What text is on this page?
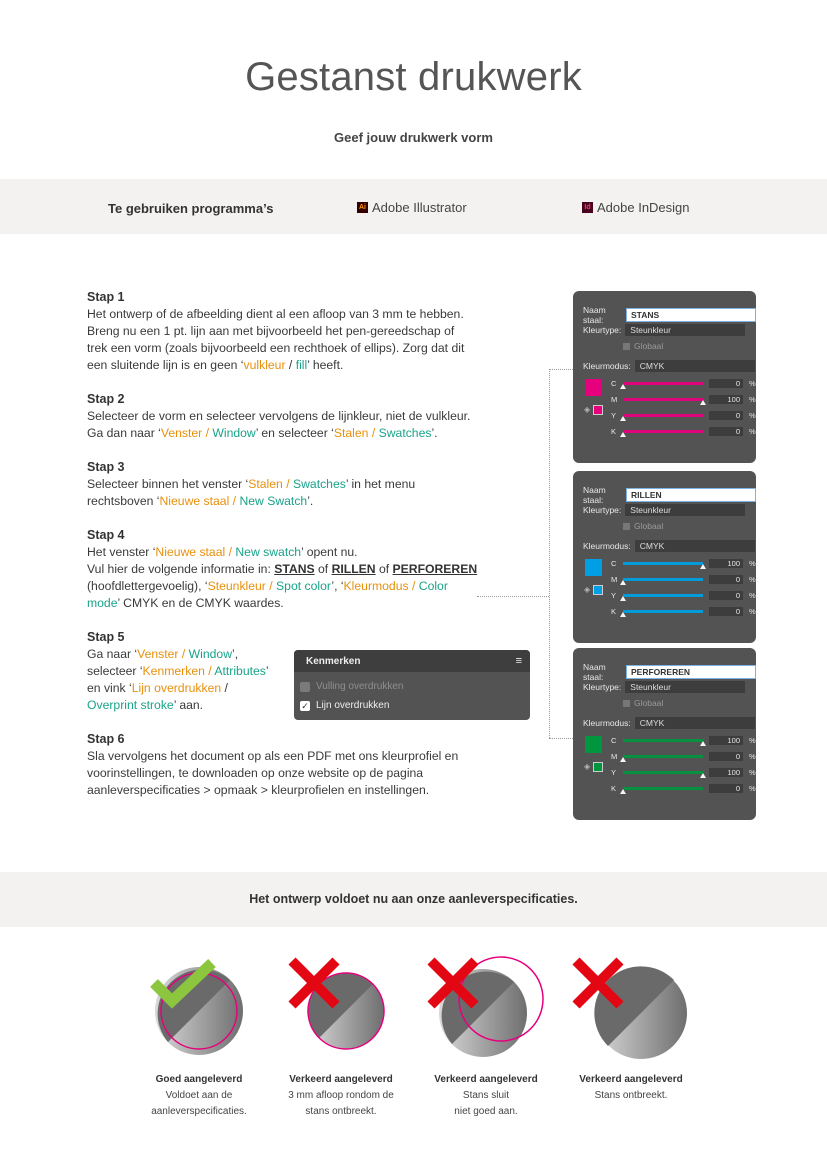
Gestanst drukwerk
Geef jouw drukwerk vorm
Te gebruiken programma’s	Ai Adobe Illustrator	Id Adobe InDesign
Stap 1

Het ontwerp of de afbeelding dient al een afloop van 3 mm te hebben.
Breng nu een 1 pt. lijn aan met bijvoorbeeld het pen-gereedschap of
trek een vorm (zoals bijvoorbeeld een rechthoek of ellips). Zorg dat dit
een sluitende lijn is en geen ‘vulkleur / fill’ heeft.

Stap 2

Selecteer de vorm en selecteer vervolgens de lijnkleur, niet de vulkleur.
Ga dan naar ‘Venster / Window’ en selecteer ‘Stalen / Swatches’.

Stap 3

Selecteer binnen het venster ‘Stalen / Swatches’ in het menu
rechtsboven ‘Nieuwe staal / New Swatch’.

Stap 4

Het venster ‘Nieuwe staal / New swatch’ opent nu.
Vul hier de volgende informatie in: STANS of RILLEN of PERFOREREN
(hoofdlettergevoelig), ‘Steunkleur / Spot color’, ‘Kleurmodus / Color
mode’ CMYK en de CMYK waardes.

Stap 5

Ga naar ‘Venster / Window’,
selecteer ‘Kenmerken / Attributes’
en vink ‘Lijn overdrukken /
Overprint stroke’ aan.

Stap 6

Sla vervolgens het document op als een PDF met ons kleurprofiel en
voorinstellingen, te downloaden op onze website op de pagina
aanleverspecificaties > opmaak > kleurprofielen en instellingen.

Kenmerken	≡
Vulling overdrukken
✓ Lijn overdrukken
Naam staal:	STANS
Kleurtype:	Steunkleur
Globaal
Kleurmodus:	CMYK
◈
C	0	%
M	100	%
Y	0	%
K	0	%
Naam staal:	RILLEN
Kleurtype:	Steunkleur
Globaal
Kleurmodus:	CMYK
◈
C	100	%
M	0	%
Y	0	%
K	0	%
Naam staal:	PERFOREREN
Kleurtype:	Steunkleur
Globaal
Kleurmodus:	CMYK
◈
C	100	%
M	0	%
Y	100	%
K	0	%
Het ontwerp voldoet nu aan onze aanleverspecificaties.
Goed aangeleverd
Voldoet aan de
aanleverspecificaties.
Verkeerd aangeleverd
3 mm afloop rondom de
stans ontbreekt.
Verkeerd aangeleverd
Stans sluit
niet goed aan.
Verkeerd aangeleverd
Stans ontbreekt.
